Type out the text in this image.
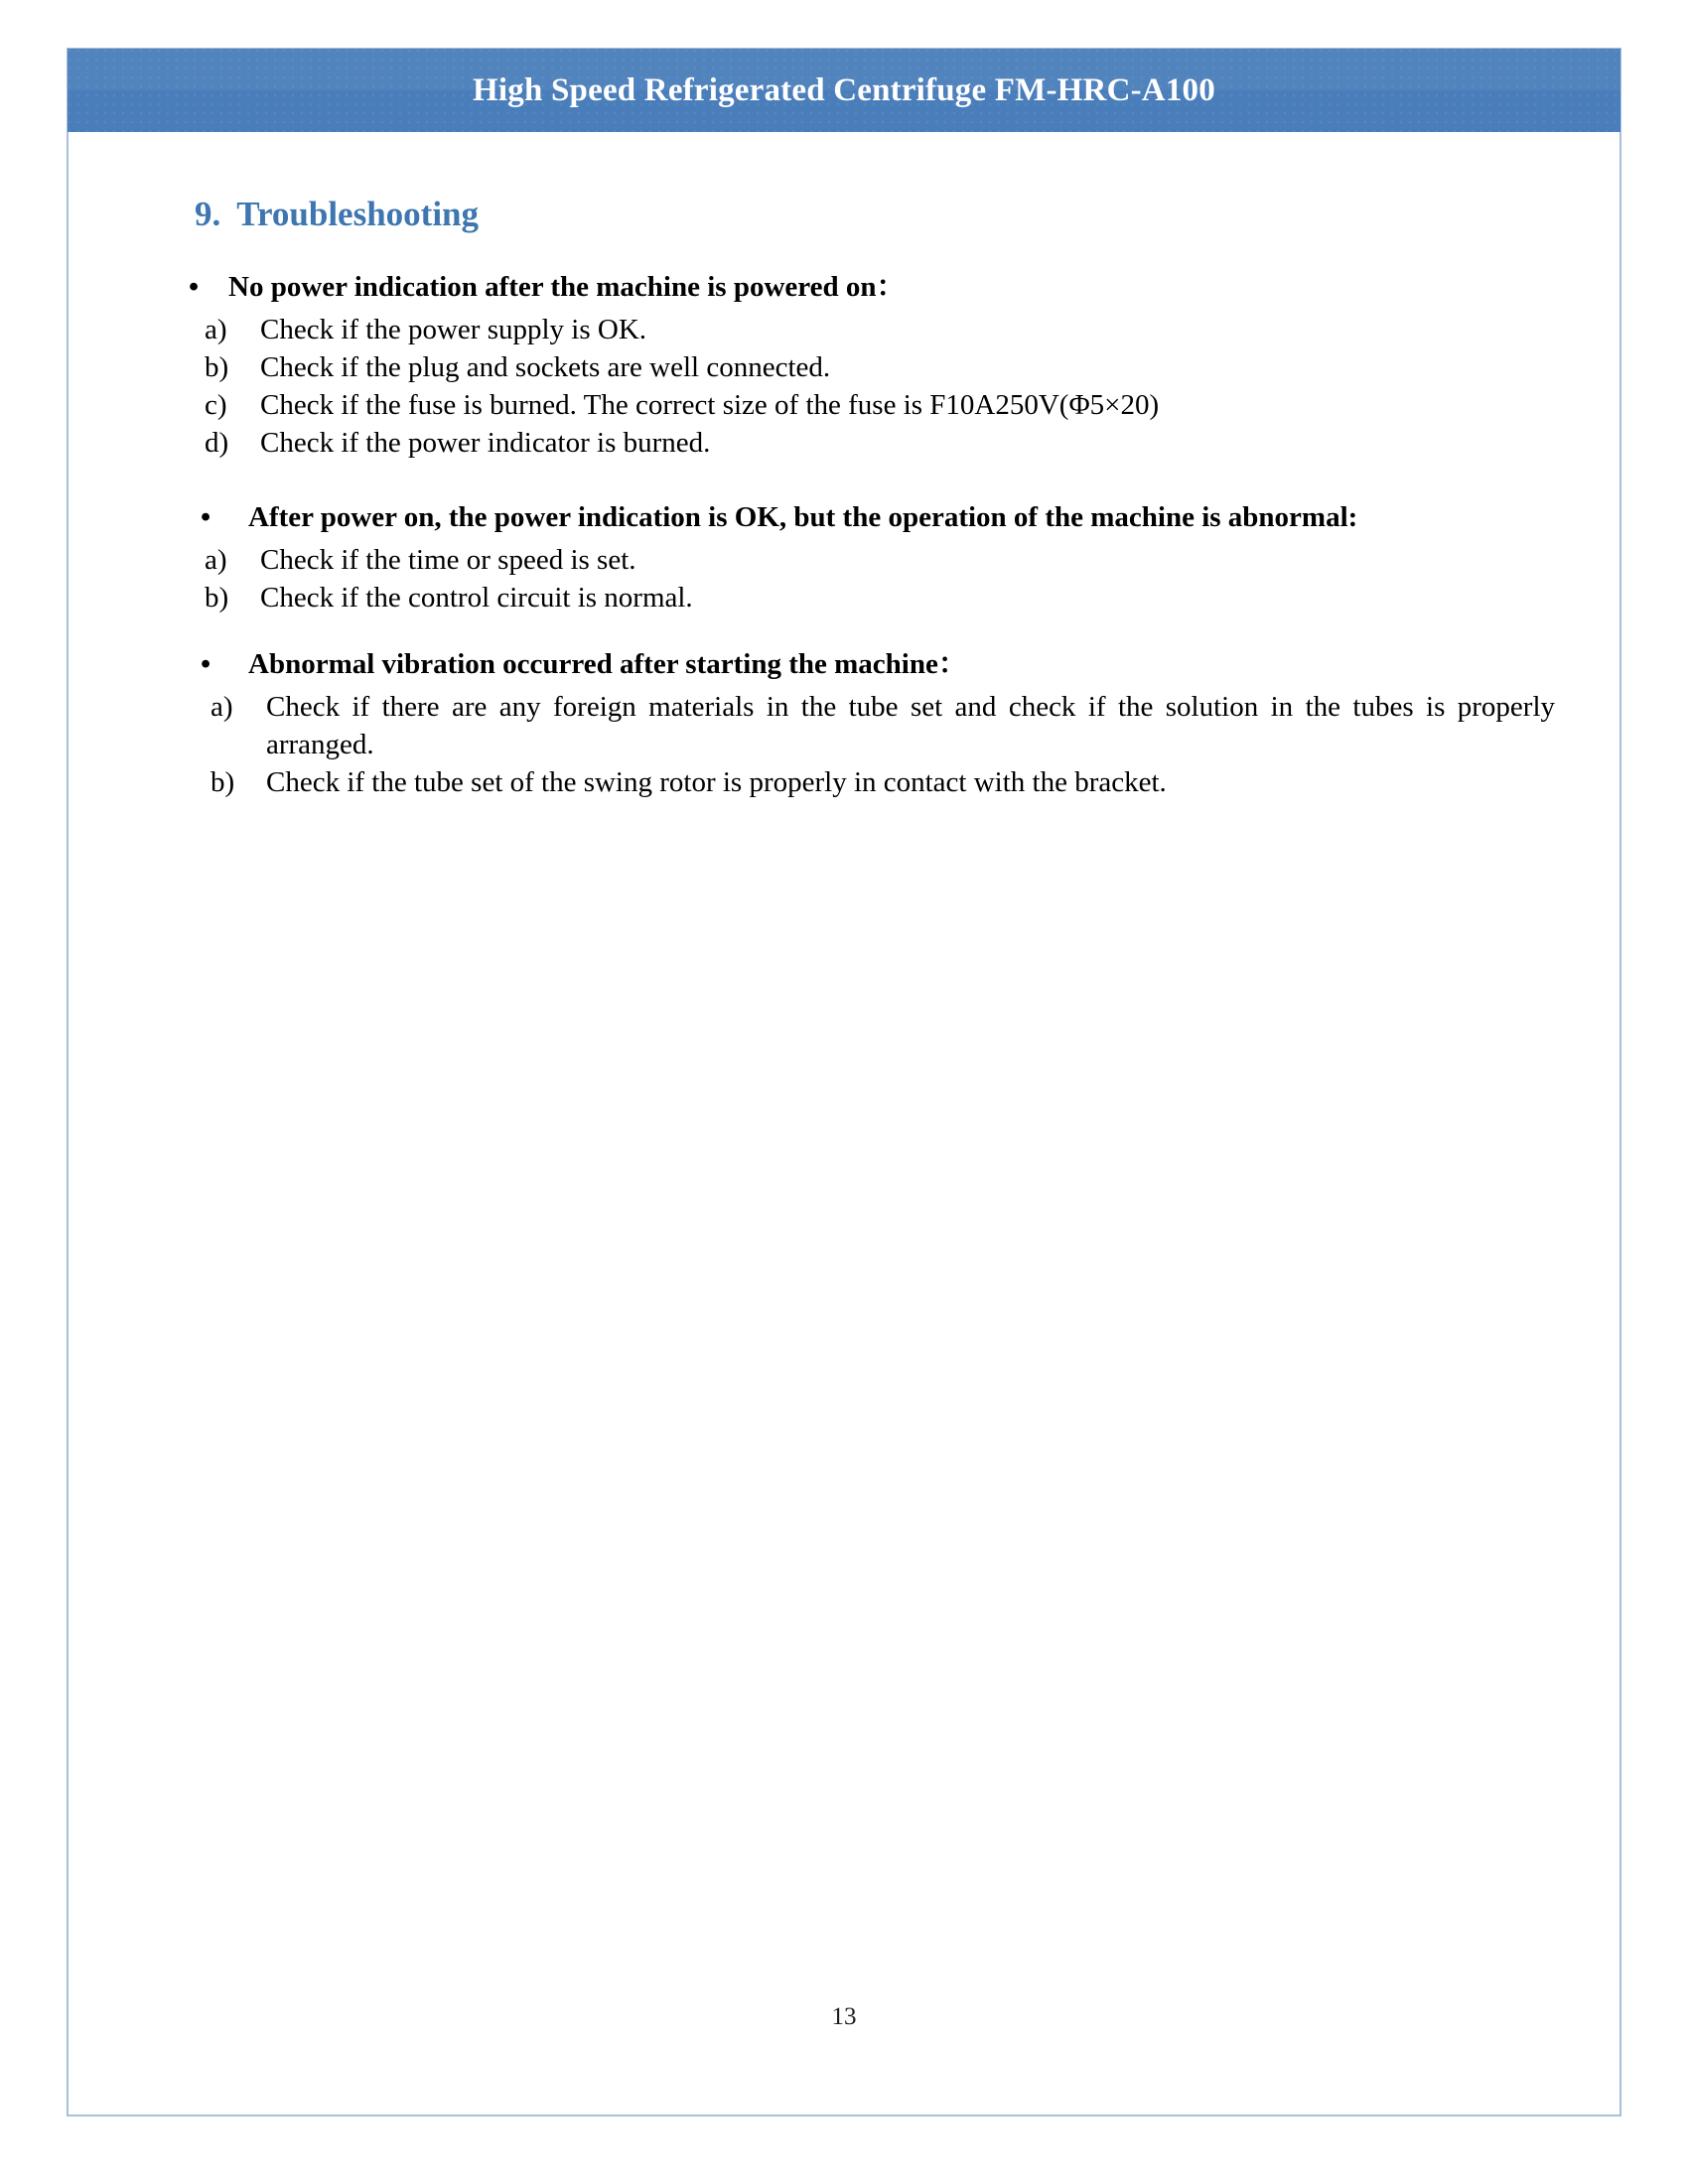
High Speed Refrigerated Centrifuge FM-HRC-A100
9. Troubleshooting
• No power indication after the machine is powered on：
a)	Check if the power supply is OK.
b)	Check if the plug and sockets are well connected.
c)	Check if the fuse is burned. The correct size of the fuse is F10A250V(Φ5×20)
d)	Check if the power indicator is burned.
• After power on, the power indication is OK, but the operation of the machine is abnormal:
a)	Check if the time or speed is set.
b)	Check if the control circuit is normal.
• Abnormal vibration occurred after starting the machine：
a)	Check if there are any foreign materials in the tube set and check if the solution in the tubes is properly arranged.
b)	Check if the tube set of the swing rotor is properly in contact with the bracket.
13
